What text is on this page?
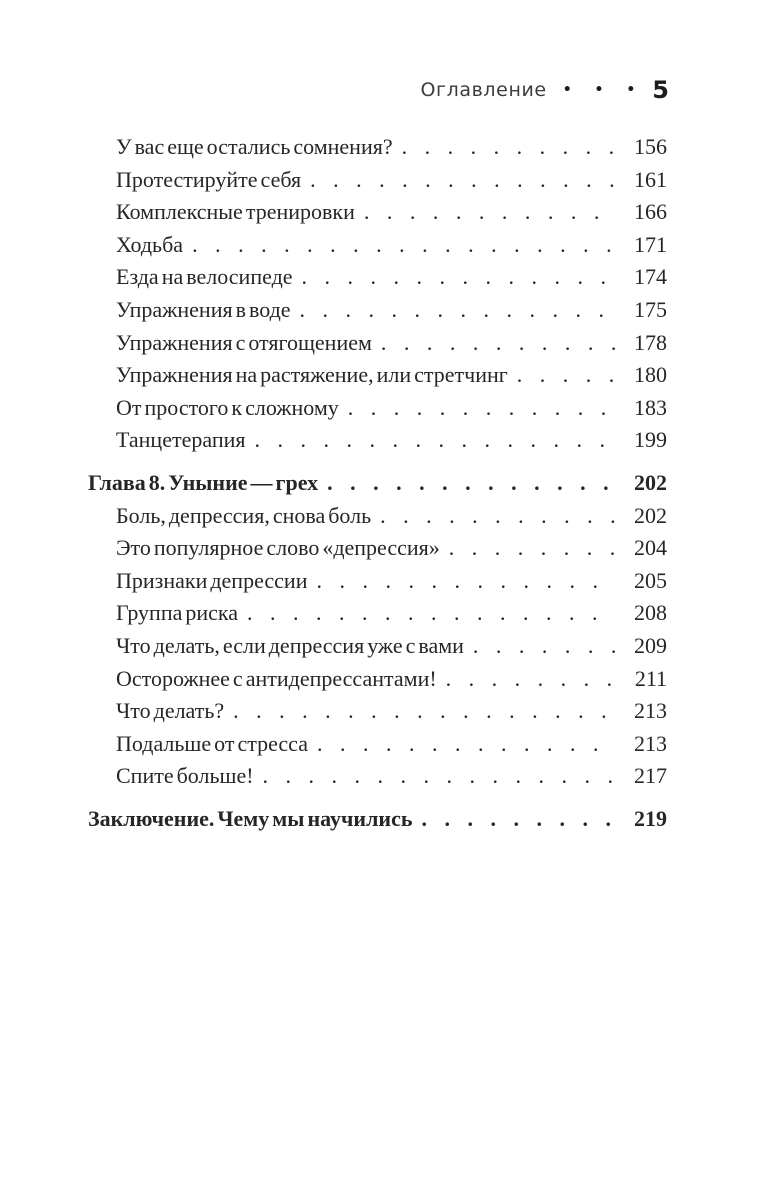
Оглавление • • • 5
У вас еще остались сомнения? . . .	156
Протестируйте себя . . .	161
Комплексные тренировки . . .	166
Ходьба . . .	171
Езда на велосипеде . . .	174
Упражнения в воде . . .	175
Упражнения с отягощением . . .	178
Упражнения на растяжение, или стретчинг . . .	180
От простого к сложному . . .	183
Танцетерапия . . .	199
Глава 8. Уныние — грех . . .	202
Боль, депрессия, снова боль . . .	202
Это популярное слово «депрессия» . . .	204
Признаки депрессии . . .	205
Группа риска . . .	208
Что делать, если депрессия уже с вами . . .	209
Осторожнее с антидепрессантами! . . .	211
Что делать? . . .	213
Подальше от стресса . . .	213
Спите больше! . . .	217
Заключение. Чему мы научились . . .	219
